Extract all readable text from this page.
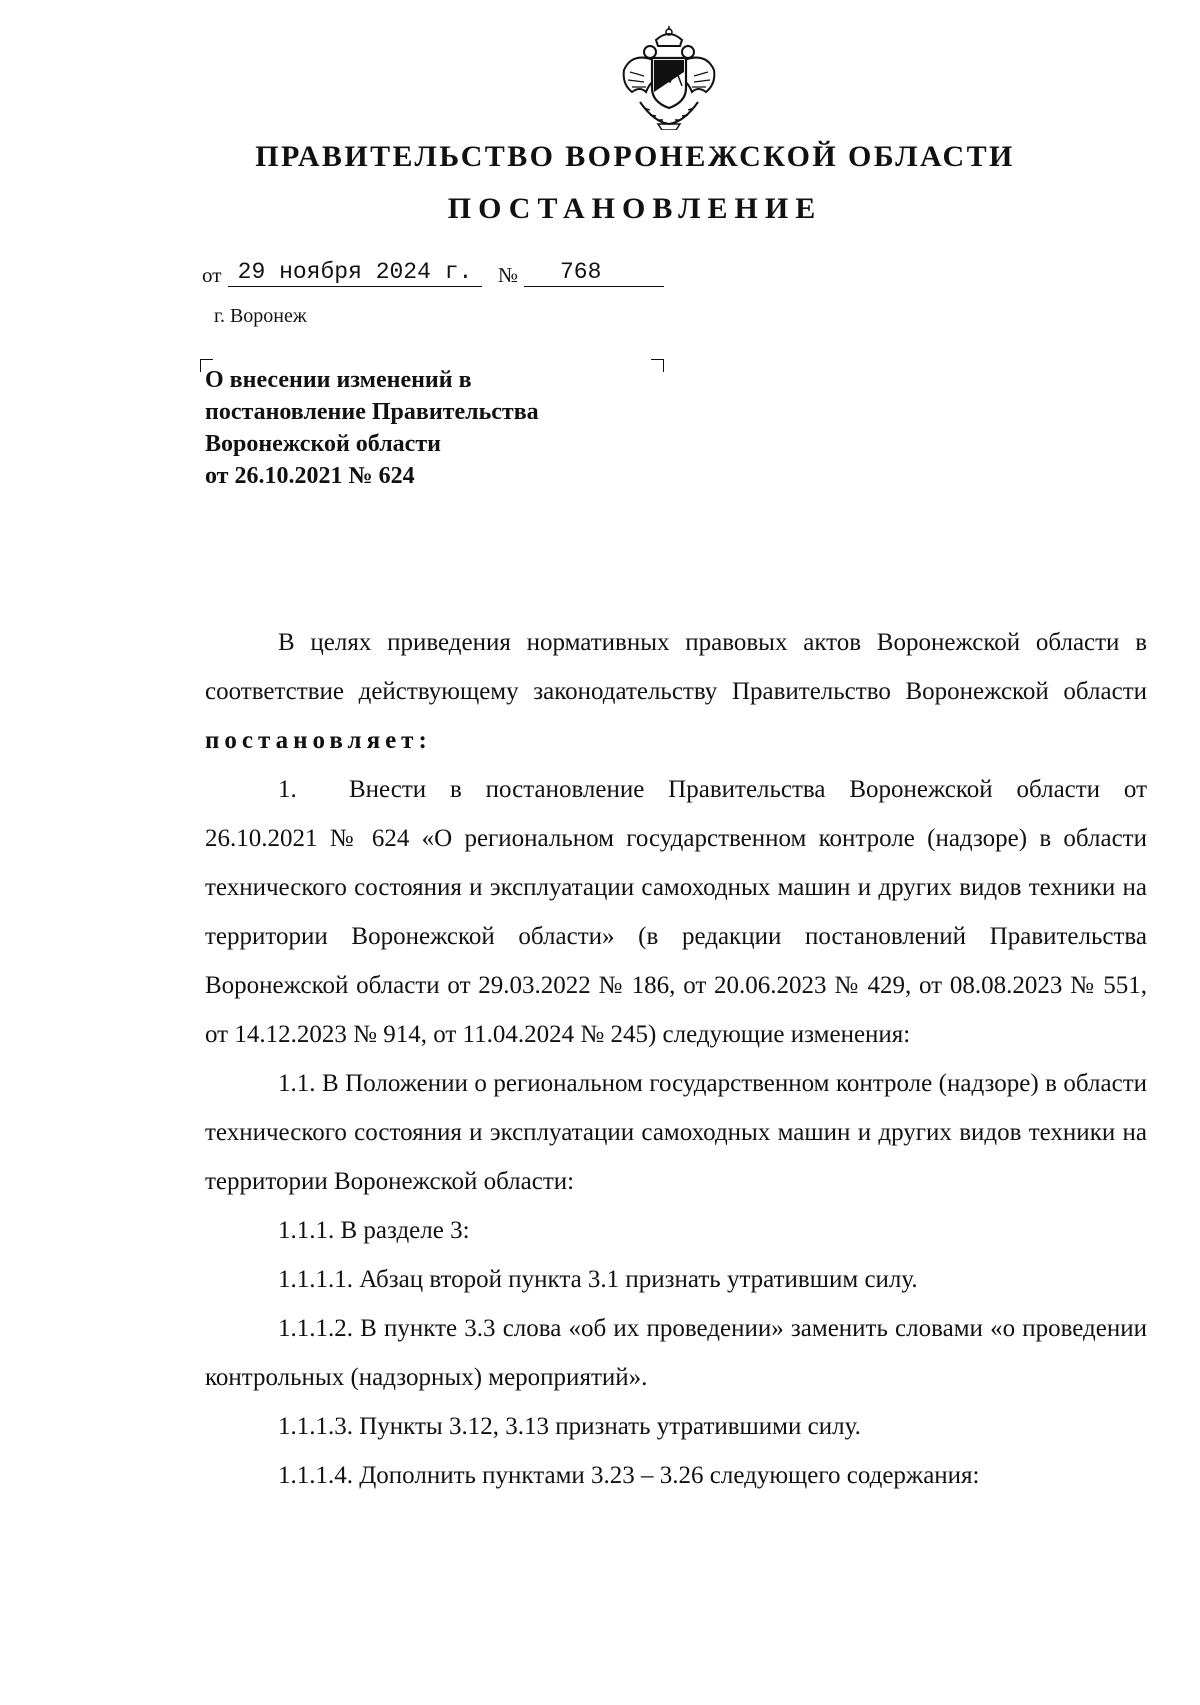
ПРАВИТЕЛЬСТВО ВОРОНЕЖСКОЙ ОБЛАСТИ
ПОСТАНОВЛЕНИЕ
от 29 ноября 2024 г.	№	768
г. Воронеж
О внесении изменений в
постановление Правительства
Воронежской области
от 26.10.2021 № 624

В целях приведения нормативных правовых актов Воронежской области в соответствие действующему законодательству Правительство Воронежской области постановляет:

1. Внести в постановление Правительства Воронежской области от 26.10.2021 № 624 «О региональном государственном контроле (надзоре) в области технического состояния и эксплуатации самоходных машин и других видов техники на территории Воронежской области» (в редакции постановлений Правительства Воронежской области от 29.03.2022 № 186, от 20.06.2023 № 429, от 08.08.2023 № 551, от 14.12.2023 № 914, от 11.04.2024 № 245) следующие изменения:

1.1. В Положении о региональном государственном контроле (надзоре) в области технического состояния и эксплуатации самоходных машин и других видов техники на территории Воронежской области:

1.1.1. В разделе 3:

1.1.1.1. Абзац второй пункта 3.1 признать утратившим силу.

1.1.1.2. В пункте 3.3 слова «об их проведении» заменить словами «о проведении контрольных (надзорных) мероприятий».

1.1.1.3. Пункты 3.12, 3.13 признать утратившими силу.

1.1.1.4. Дополнить пунктами 3.23 – 3.26 следующего содержания:
